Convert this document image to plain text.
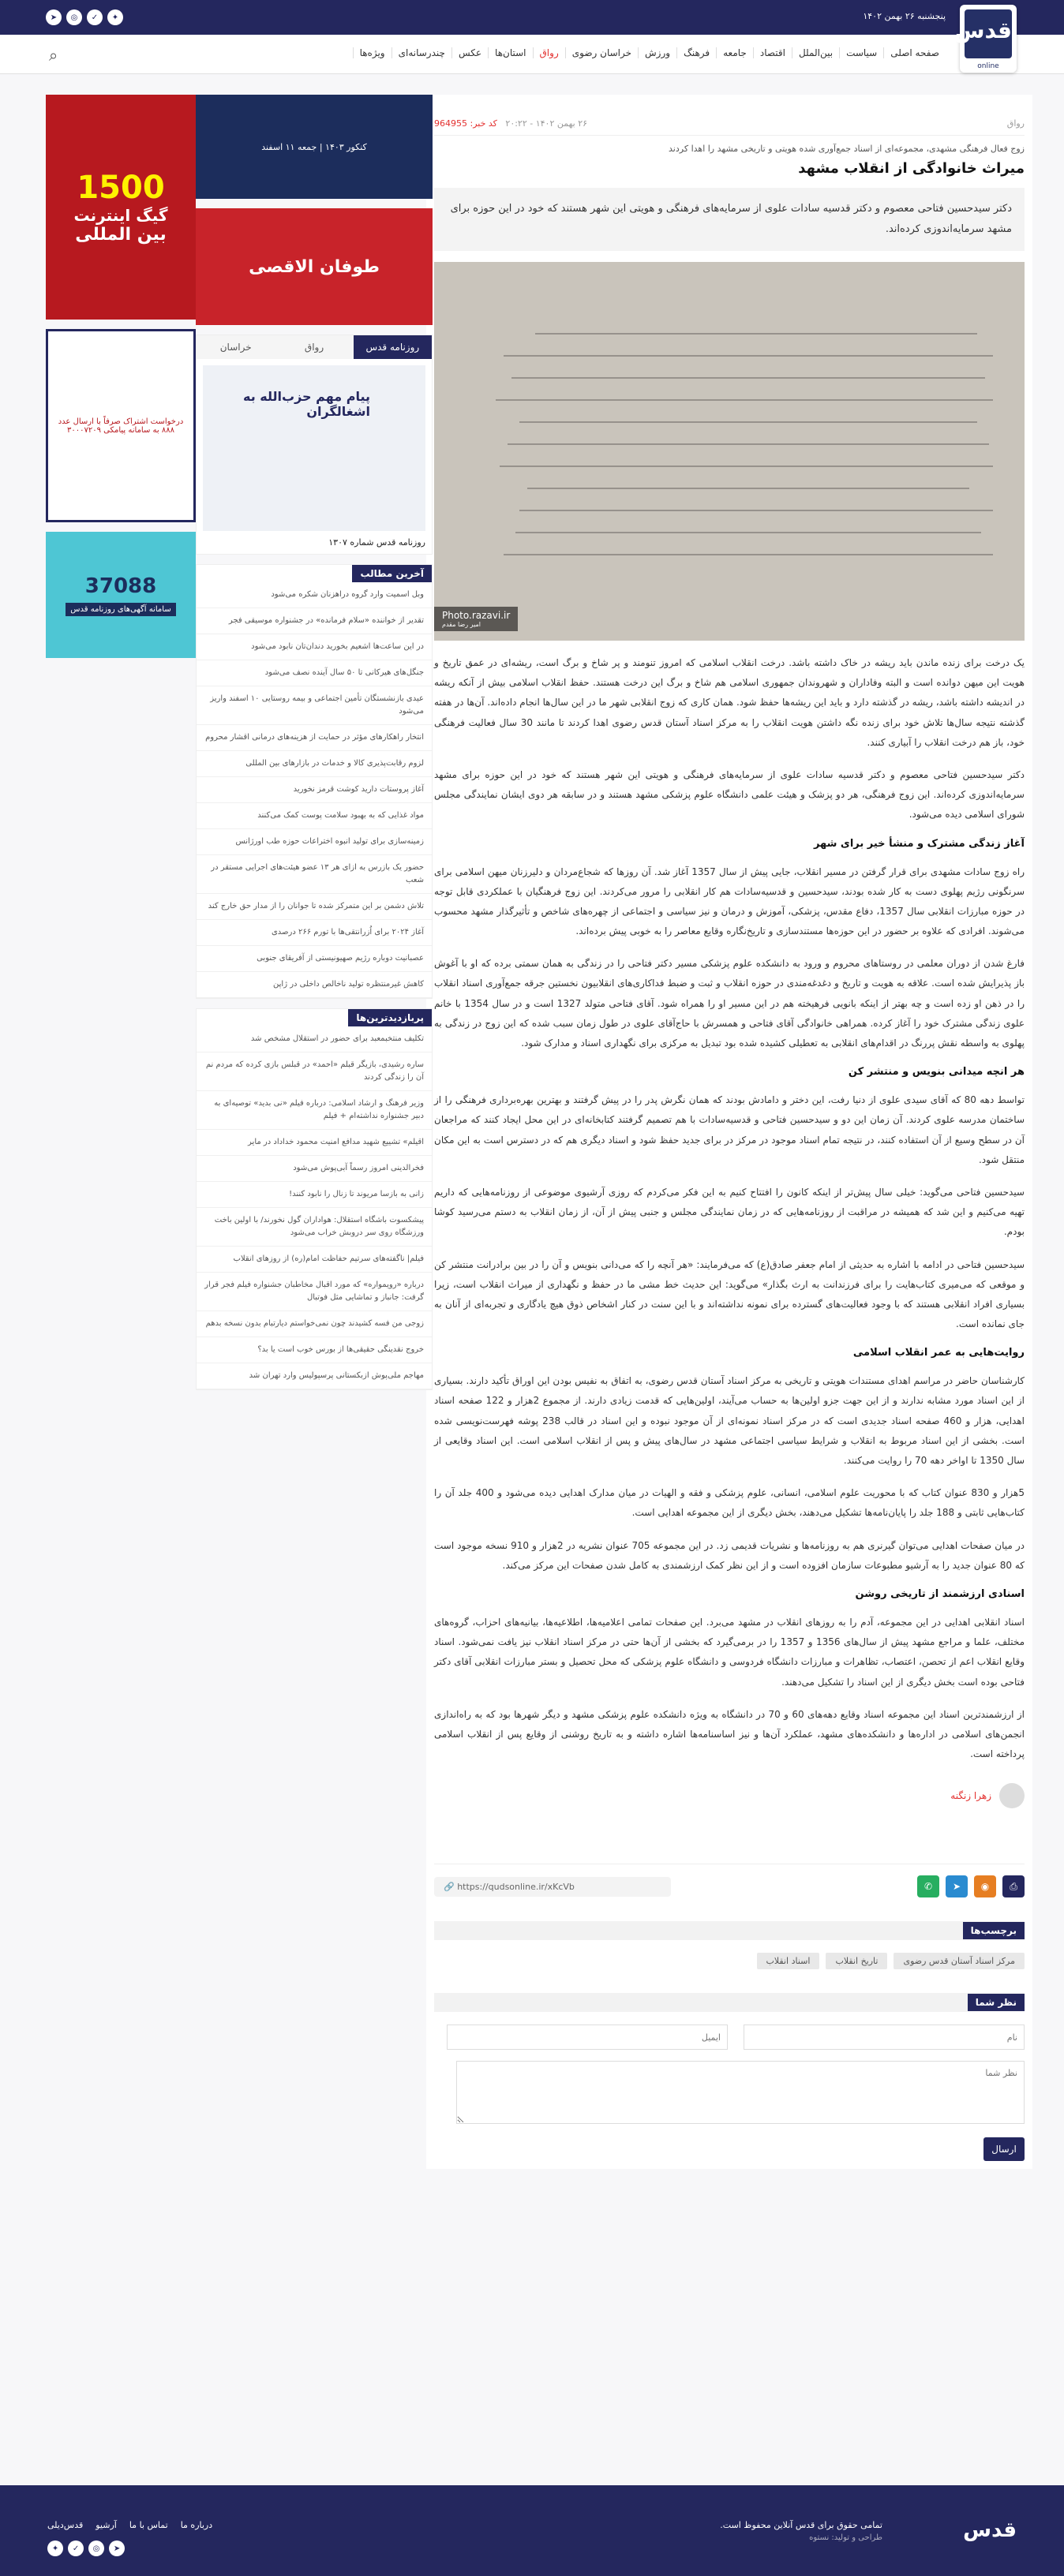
پنجشنبه ۲۶ بهمن ۱۴۰۲
➤	◎	✓	✦	قدس
online
صفحه اصلی
سیاست
بین‌الملل
اقتصاد
جامعه
فرهنگ
ورزش
خراسان رضوی
رواق
استان‌ها
عکس
چندرسانه‌ای
ویژه‌ها
⌕
رواق
۲۶ بهمن ۱۴۰۲ - ۲۰:۲۲   کد خبر: 964955
زوج فعال فرهنگی مشهدی، مجموعه‌ای از اسناد جمع‌آوری شده هویتی و تاریخی مشهد را اهدا کردند
میراث خانوادگی از انقلاب مشهد
دکتر سیدحسین فتاحی معصوم و دکتر قدسیه سادات علوی از سرمایه‌های فرهنگی و هویتی این شهر هستند که خود در این حوزه برای مشهد سرمایه‌اندوزی کرده‌اند.
Photo.razavi.ir
امیر رضا مقدم

یک درخت برای زنده ماندن باید ریشه در خاک داشته باشد. درخت انقلاب اسلامی که امروز تنومند و پر شاخ و برگ است، ریشه‌ای در عمق تاریخ و هویت این میهن دوانده است و البته وفاداران و شهروندان جمهوری اسلامی هم شاخ و برگ این درخت هستند. حفظ انقلاب اسلامی بیش از آنکه ریشه در اندیشه داشته باشد، ریشه در گذشته دارد و باید این ریشه‌ها حفظ شود. همان کاری که زوج انقلابی شهر ما در این سال‌ها انجام داده‌اند. آن‌ها در هفته گذشته نتیجه سال‌ها تلاش خود برای زنده نگه داشتن هویت انقلاب را به مرکز اسناد آستان قدس رضوی اهدا کردند تا مانند 30 سال فعالیت فرهنگی خود، باز هم درخت انقلاب را آبیاری کنند.

دکتر سیدحسین فتاحی معصوم و دکتر قدسیه سادات علوی از سرمایه‌های فرهنگی و هویتی این شهر هستند که خود در این حوزه برای مشهد سرمایه‌اندوزی کرده‌اند. این زوج فرهنگی، هر دو پزشک و هیئت علمی دانشگاه علوم پزشکی مشهد هستند و در سابقه هر دوی ایشان نمایندگی مجلس شورای اسلامی دیده می‌شود.

آغاز زندگی مشترک و منشأ خیر برای شهر

راه زوج سادات مشهدی برای قرار گرفتن در مسیر انقلاب، جایی پیش از سال 1357 آغاز شد. آن روزها که شجاع‌مردان و دلیرزنان میهن اسلامی برای سرنگونی رژیم پهلوی دست به کار شده بودند، سیدحسین و قدسیه‌سادات هم کار انقلابی را مرور می‌کردند. این زوج فرهنگیان با عملکردی قابل توجه در حوزه مبارزات انقلابی سال 1357، دفاع مقدس، پزشکی، آموزش و درمان و نیز سیاسی و اجتماعی از چهره‌های شاخص و تأثیرگذار مشهد محسوب می‌شوند. افرادی که علاوه بر حضور در این حوزه‌ها مستندسازی و تاریخ‌نگاره وقایع معاصر را به خوبی پیش برده‌اند.

فارغ شدن از دوران معلمی در روستاهای محروم و ورود به دانشکده علوم پزشکی مسیر دکتر فتاحی را در زندگی به همان سمتی برده که او با آغوش باز پذیرایش شده است. علاقه به هویت و تاریخ و دغدغه‌مندی در حوزه انقلاب و ثبت و ضبط فداکاری‌های انقلابیون نخستین جرقه جمع‌آوری اسناد انقلاب را در ذهن او زده است و چه بهتر از اینکه بانویی فرهیخته هم در این مسیر او را همراه شود. آقای فتاحی متولد 1327 است و در سال 1354 با خانم علوی زندگی مشترک خود را آغاز کرده. همراهی خانوادگی آقای فتاحی و همسرش با حاج‌آقای علوی در طول زمان سبب شده که این زوج در زندگی به پهلوی به واسطه نقش پررنگ در اقدام‌های انقلابی به تعطیلی کشیده شده بود تبدیل به مرکزی برای نگهداری اسناد و مدارک شود.

هر انچه میدانی بنویس و منتشر کن

تواسط دهه 80 که آقای سیدی علوی از دنیا رفت، این دختر و دامادش بودند که همان نگرش پدر را در پیش گرفتند و بهترین بهره‌برداری فرهنگی را از ساختمان مدرسه علوی کردند. آن زمان این دو و سیدحسین فتاحی و قدسیه‌سادات با هم تصمیم گرفتند کتابخانه‌ای در این محل ایجاد کنند که مراجعان آن در سطح وسیع از آن استفاده کنند، در نتیجه تمام اسناد موجود در مرکز در برای جدید حفظ شود و اسناد دیگری هم که در دسترس است به این مکان منتقل شود.

سیدحسین فتاحی می‌گوید: خیلی سال پیش‌تر از اینکه کانون را افتتاح کنیم به این فکر می‌کردم که روزی آرشیوی موضوعی از روزنامه‌هایی که داریم تهیه می‌کنیم و این شد که همیشه در مراقبت از روزنامه‌هایی که در زمان نمایندگی مجلس و جنبی پیش از آن، از زمان انقلاب به دستم می‌رسید کوشا بودم.

سیدحسین فتاحی در ادامه با اشاره به حدیثی از امام جعفر صادق(ع) که می‌فرمایند: «هر آنچه را که می‌دانی بنویس و آن را در بین برادرانت منتشر کن و موقعی که می‌میری کتاب‌هایت را برای فرزندانت به ارث بگذار» می‌گوید: این حدیث خط مشی ما در حفظ و نگهداری از میراث انقلاب است، زیرا بسیاری افراد انقلابی هستند که با وجود فعالیت‌های گسترده برای نمونه نداشته‌اند و با این سنت در کنار اشخاص ذوق هیچ یادگاری و تجربه‌ای از آنان به جای نمانده است.

روایت‌هایی به عمر انقلاب اسلامی

کارشناسان حاضر در مراسم اهدای مستندات هویتی و تاریخی به مرکز اسناد آستان قدس رضوی، به اتفاق به نفیس بودن این اوراق تأکید دارند. بسیاری از این اسناد مورد مشابه ندارند و از این جهت جزو اولین‌ها به حساب می‌آیند، اولین‌هایی که قدمت زیادی دارند. از مجموع 2هزار و 122 صفحه اسناد اهدایی، هزار و 460 صفحه اسناد جدیدی است که در مرکز اسناد نمونه‌ای از آن موجود نبوده و این اسناد در قالب 238 پوشه فهرست‌نویسی شده است. بخشی از این اسناد مربوط به انقلاب و شرایط سیاسی اجتماعی مشهد در سال‌های پیش و پس از انقلاب اسلامی است. این اسناد وقایعی از سال 1350 تا اواخر دهه 70 را روایت می‌کنند.

5هزار و 830 عنوان کتاب که با محوریت علوم اسلامی، انسانی، علوم پزشکی و فقه و الهیات در میان مدارک اهدایی دیده می‌شود و 400 جلد آن را کتاب‌هایی ثابتی و 188 جلد را پایان‌نامه‌ها تشکیل می‌دهند، بخش دیگری از این مجموعه اهدایی است.

در میان صفحات اهدایی می‌توان گیرنری هم به روزنامه‌ها و نشریات قدیمی زد. در این مجموعه 705 عنوان نشریه در 2هزار و 910 نسخه موجود است که 80 عنوان جدید را به آرشیو مطبوعات سازمان افزوده است و از این نظر کمک ارزشمندی به کامل شدن صفحات این مرکز می‌کند.

اسنادی ارزشمند از تاریخی روشن

اسناد انقلابی اهدایی در این مجموعه، آدم را به روزهای انقلاب در مشهد می‌برد. این صفحات تمامی اعلامیه‌ها، اطلاعیه‌ها، بیانیه‌های احزاب، گروه‌های مختلف، علما و مراجع مشهد پیش از سال‌های 1356 و 1357 را در برمی‌گیرد که بخشی از آن‌ها حتی در مرکز اسناد انقلاب نیز یافت نمی‌شود. اسناد وقایع انقلاب اعم از تحصن، اعتصاب، تظاهرات و مبارزات دانشگاه فردوسی و دانشگاه علوم پزشکی که محل تحصیل و بستر مبارزات انقلابی آقای دکتر فتاحی بوده است بخش دیگری از این اسناد را تشکیل می‌دهند.

از ارزشمندترین اسناد این مجموعه اسناد وقایع دهه‌های 60 و 70 در دانشگاه به ویژه دانشکده علوم پزشکی مشهد و دیگر شهرها بود که به راه‌اندازی انجمن‌های اسلامی در اداره‌ها و دانشکده‌های مشهد، عملکرد آن‌ها و نیز اساسنامه‌ها اشاره داشته و به تاریخ روشنی از وقایع پس از انقلاب اسلامی پرداخته است.

زهرا زنگنه
⎙
◉
➤
✆
🔗 https://qudsonline.ir/xKcVb
برچسب‌ها
مرکز اسناد آستان قدس رضوی
تاریخ انقلاب
اسناد انقلاب
نظر شما
نام
ایمیل
نظر شما
ارسال
کنکور ۱۴۰۳ | جمعه ۱۱ اسفند
طوفان الاقصی
روزنامه قدس
رواق
خراسان
پیام مهم حزب‌الله به اشغالگران
روزنامه قدس شماره ۱۳۰۷
آخرین مطالب
وبل اسمیت وارد گروه دراهزنان شکره می‌شود
تقدیر از خواننده «سلام فرمانده» در جشنواره موسیقی فجر
در این ساعت‌ها اشعیم بخورید دندان‌تان نابود می‌شود
جنگل‌های هیرکانی تا ۵۰ سال آینده نصف می‌شود
عیدی بازنشستگان تأمین اجتماعی و بیمه روستایی ۱۰ اسفند واریز می‌شود
انتخار راهکارهای مؤثر در حمایت از هزینه‌های درمانی اقشار محروم
لزوم رقابت‌پذیری کالا و خدمات در بازارهای بین المللی
آغاز پروستات دارید کوشت قرمز نخورید
مواد غذایی که به بهبود سلامت پوست کمک می‌کنند
زمینه‌سازی برای تولید انبوه اختراعات حوزه طب اورژانس
حضور یک بازرس به ازای هر ۱۳ عضو هیئت‌های اجرایی مستقر در شعب
تلاش دشمن بر این متمرکز شده تا جوانان را از مدار حق خارج کند
آغاز ۲۰۲۴ برای اُزرانتقی‌ها با تورم ۲۶۶ درصدی
عصبانیت دوباره رژیم صهیونیستی از آفریقای جنوبی
کاهش غیرمنتظره تولید ناخالص داخلی در ژاپن
پربازدیدترین‌ها
تکلیف منتخبمعبد برای حضور در استقلال مشخص شد
ساره رشیدی، بازیگر قبلم «احمد» در قبلس بازی کرده که مردم نم آن را زندگی کردند
وزیر فرهنگ و ارشاد اسلامی: درباره فیلم «نی بدید» توصیه‌ای به دبیر جشنواره نداشته‌ام + فیلم
اقیلم» تشییع شهید مدافع امنیت محمود خداداد در مایر
فخرالدینی امروز رسماً آبی‌پوش می‌شود
زانی به بازسا مریوند تا زنال را نابود کنند!
پیشکسوت باشگاه استقلال: هواداران گول نخورند/ با اولین باخت ورزشگاه روی سر دروبش خراب می‌شود
فیلم| ناگفته‌های سرتیم حفاظت امام(ره) از روزهای انقلاب
درباره «رویمواره» که مورد اقبال مخاطبان جشنواره فیلم فجر قرار گرفت: جانباز و تماشایی مثل فوتبال
زوجی من فسه کشیدند چون نمی‌خواستم دیارتبام بدون نسخه بدهم
خروج نقدینگی حقیقی‌ها از بورس خوب است یا بد؟
مهاجم ملی‌پوش ازبکستانی پرسپولیس وارد تهران شد
1500
گیگ اینترنت
بین المللی
درخواست اشتراک صرفاً با ارسال عدد ۸۸۸ به سامانه پیامکی ۳۰۰۰۷۲۰۹
37088
سامانه آگهی‌های روزنامه قدس
قدس
تمامی حقوق برای قدس آنلاین محفوظ است.
طراحی و تولید: نستوه
درباره ما
تماس با ما
آرشیو
قدس‌دیلی
➤
◎
✓
✦
